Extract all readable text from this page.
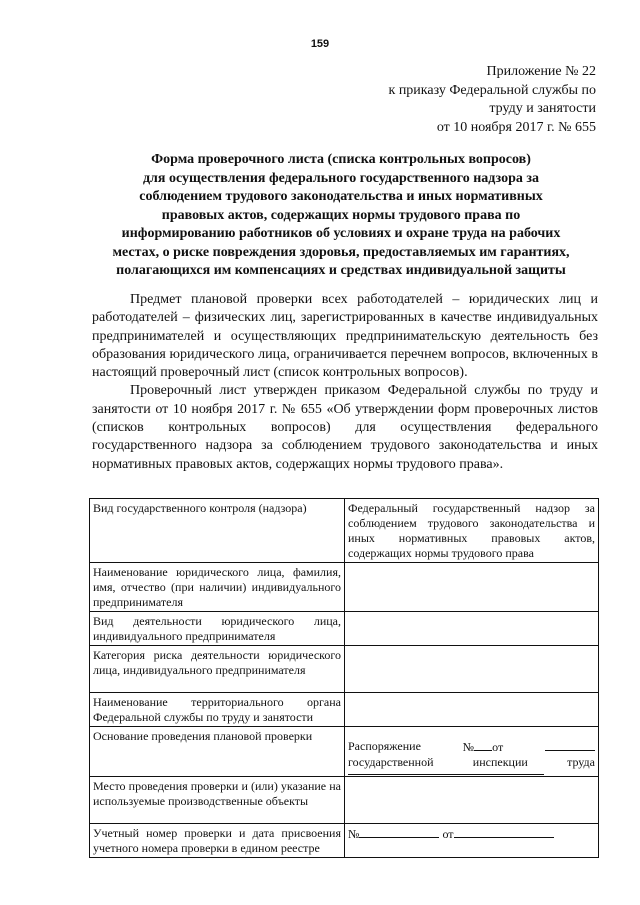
159
Приложение № 22
к приказу Федеральной службы по
труду и занятости
от 10 ноября 2017 г. № 655
Форма проверочного листа (списка контрольных вопросов)
для осуществления федерального государственного надзора за
соблюдением трудового законодательства и иных нормативных
правовых актов, содержащих нормы трудового права по
информированию работников об условиях и охране труда на рабочих
местах, о риске повреждения здоровья, предоставляемых им гарантиях,
полагающихся им компенсациях и средствах индивидуальной защиты

Предмет плановой проверки всех работодателей – юридических лиц и работодателей – физических лиц, зарегистрированных в качестве индивидуальных предпринимателей и осуществляющих предпринимательскую деятельность без образования юридического лица, ограничивается перечнем вопросов, включенных в настоящий проверочный лист (список контрольных вопросов).

Проверочный лист утвержден приказом Федеральной службы по труду и занятости от 10 ноября 2017 г. № 655 «Об утверждении форм проверочных листов (списков контрольных вопросов) для осуществления федерального государственного надзора за соблюдением трудового законодательства и иных нормативных правовых актов, содержащих нормы трудового права».

Вид государственного контроля (надзора)	Федеральный государственный надзор за соблюдением трудового законодательства и иных нормативных правовых актов, содержащих нормы трудового права
Наименование юридического лица, фамилия, имя, отчество (при наличии) индивидуального предпринимателя	
Вид деятельности юридического лица, индивидуального предпринимателя	
Категория риска деятельности юридического лица, индивидуального предпринимателя	
Наименование территориального органа Федеральной службы по труду и занятости	
Основание проведения плановой проверки	Распоряжение № от
государственной инспекции труда

Место проведения проверки и (или) указание на используемые производственные объекты	
Учетный номер проверки и дата присвоения учетного номера проверки в едином реестре	№ от
